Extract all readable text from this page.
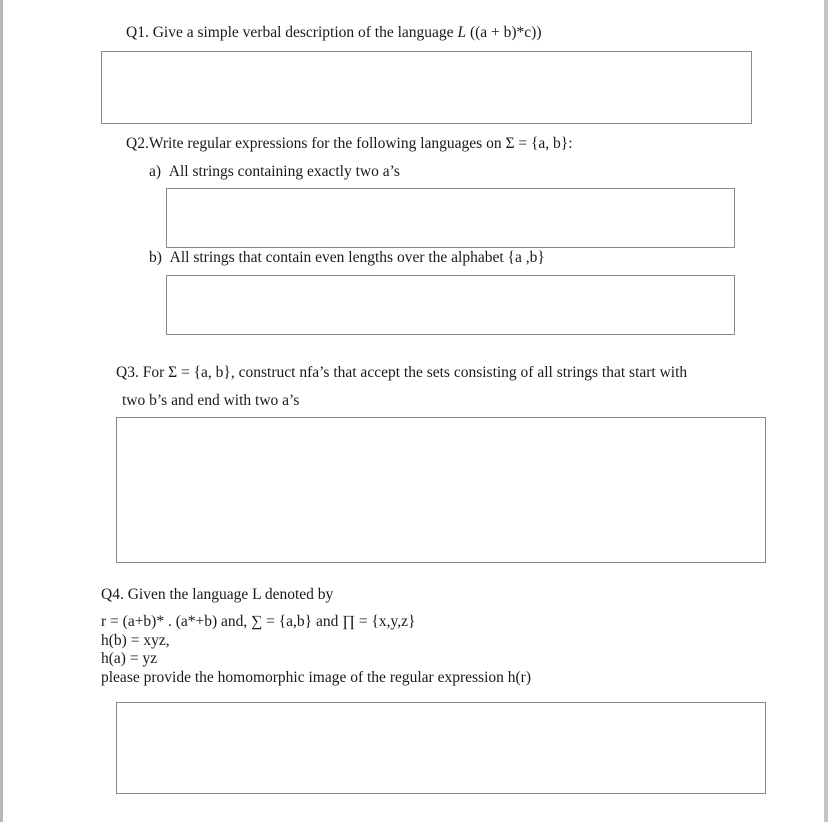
Q1. Give a simple verbal description of the language L ((a + b)*c))
Q2.Write regular expressions for the following languages on Σ = {a, b}:
a) All strings containing exactly two a’s
b) All strings that contain even lengths over the alphabet {a ,b}
Q3. For Σ = {a, b}, construct nfa’s that accept the sets consisting of all strings that start with
two b’s and end with two a’s
Q4. Given the language L denoted by
r = (a+b)* . (a*+b) and, ∑ = {a,b} and ∏ = {x,y,z}
h(b) = xyz,
h(a) = yz
please provide the homomorphic image of the regular expression h(r)
